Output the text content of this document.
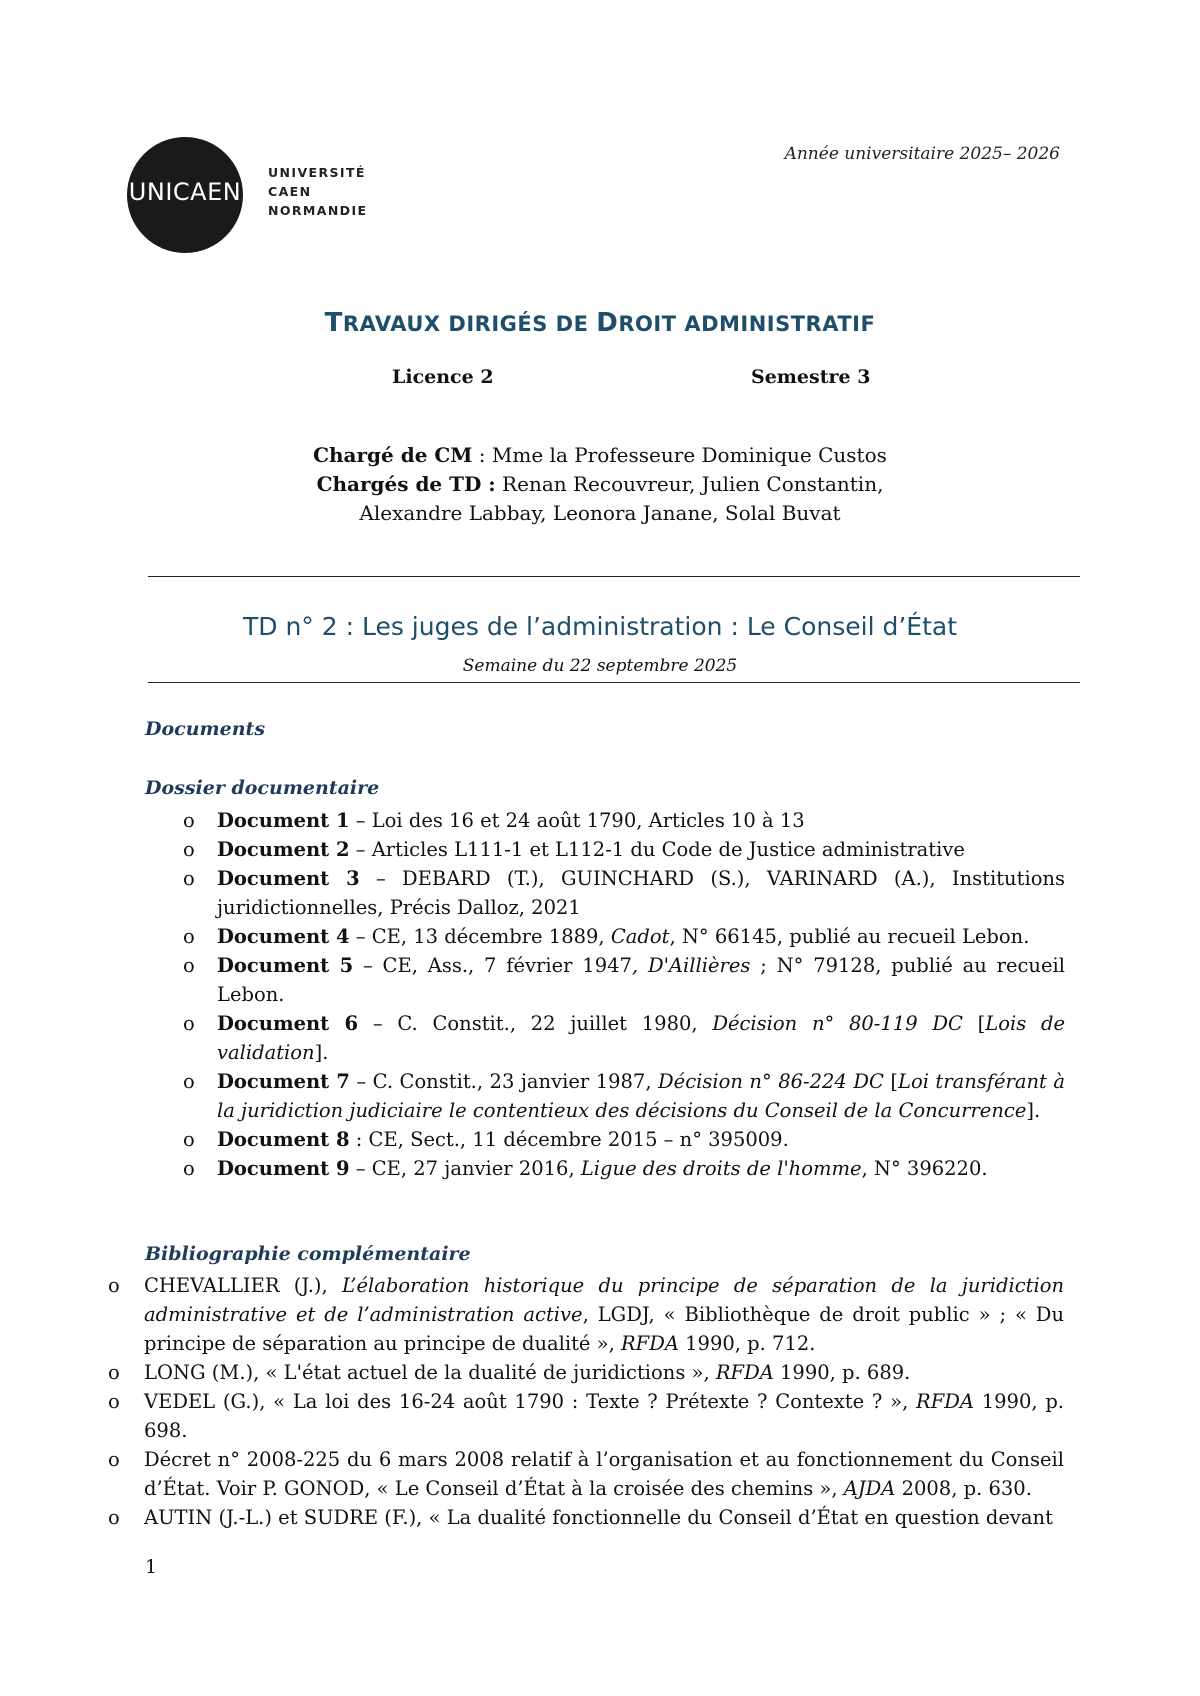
UNICAEN
UNIVERSITÉ
CAEN
NORMANDIE
Année universitaire 2025– 2026
TRAVAUX DIRIGÉS DE DROIT ADMINISTRATIF
Licence 2	Semestre 3
Chargé de CM : Mme la Professeure Dominique Custos
Chargés de TD : Renan Recouvreur, Julien Constantin,
Alexandre Labbay, Leonora Janane, Solal Buvat
TD n° 2 : Les juges de l’administration : Le Conseil d’État
Semaine du 22 septembre 2025
Documents
Dossier documentaire
o Document 1 – Loi des 16 et 24 août 1790, Articles 10 à 13
o Document 2 – Articles L111-1 et L112-1 du Code de Justice administrative
o Document 3 – DEBARD (T.), GUINCHARD (S.), VARINARD (A.), Institutions juridictionnelles, Précis Dalloz, 2021
o Document 4 – CE, 13 décembre 1889, Cadot, N° 66145, publié au recueil Lebon.
o Document 5 – CE, Ass., 7 février 1947, D'Aillières ; N° 79128, publié au recueil Lebon.
o Document 6 – C. Constit., 22 juillet 1980, Décision n° 80-119 DC [Lois de validation].
o Document 7 – C. Constit., 23 janvier 1987, Décision n° 86-224 DC [Loi transférant à la juridiction judiciaire le contentieux des décisions du Conseil de la Concurrence].
o Document 8 : CE, Sect., 11 décembre 2015 – n° 395009.
o Document 9 – CE, 27 janvier 2016, Ligue des droits de l'homme, N° 396220.
Bibliographie complémentaire
o CHEVALLIER (J.), L’élaboration historique du principe de séparation de la juridiction administrative et de l’administration active, LGDJ, « Bibliothèque de droit public » ; « Du principe de séparation au principe de dualité », RFDA 1990, p. 712.
o LONG (M.), « L'état actuel de la dualité de juridictions », RFDA 1990, p. 689.
o VEDEL (G.), « La loi des 16-24 août 1790 : Texte ? Prétexte ? Contexte ? », RFDA 1990, p. 698.
o Décret n° 2008-225 du 6 mars 2008 relatif à l’organisation et au fonctionnement du Conseil d’État. Voir P. GONOD, « Le Conseil d’État à la croisée des chemins », AJDA 2008, p. 630.
o AUTIN (J.-L.) et SUDRE (F.), « La dualité fonctionnelle du Conseil d’État en question devant
1
